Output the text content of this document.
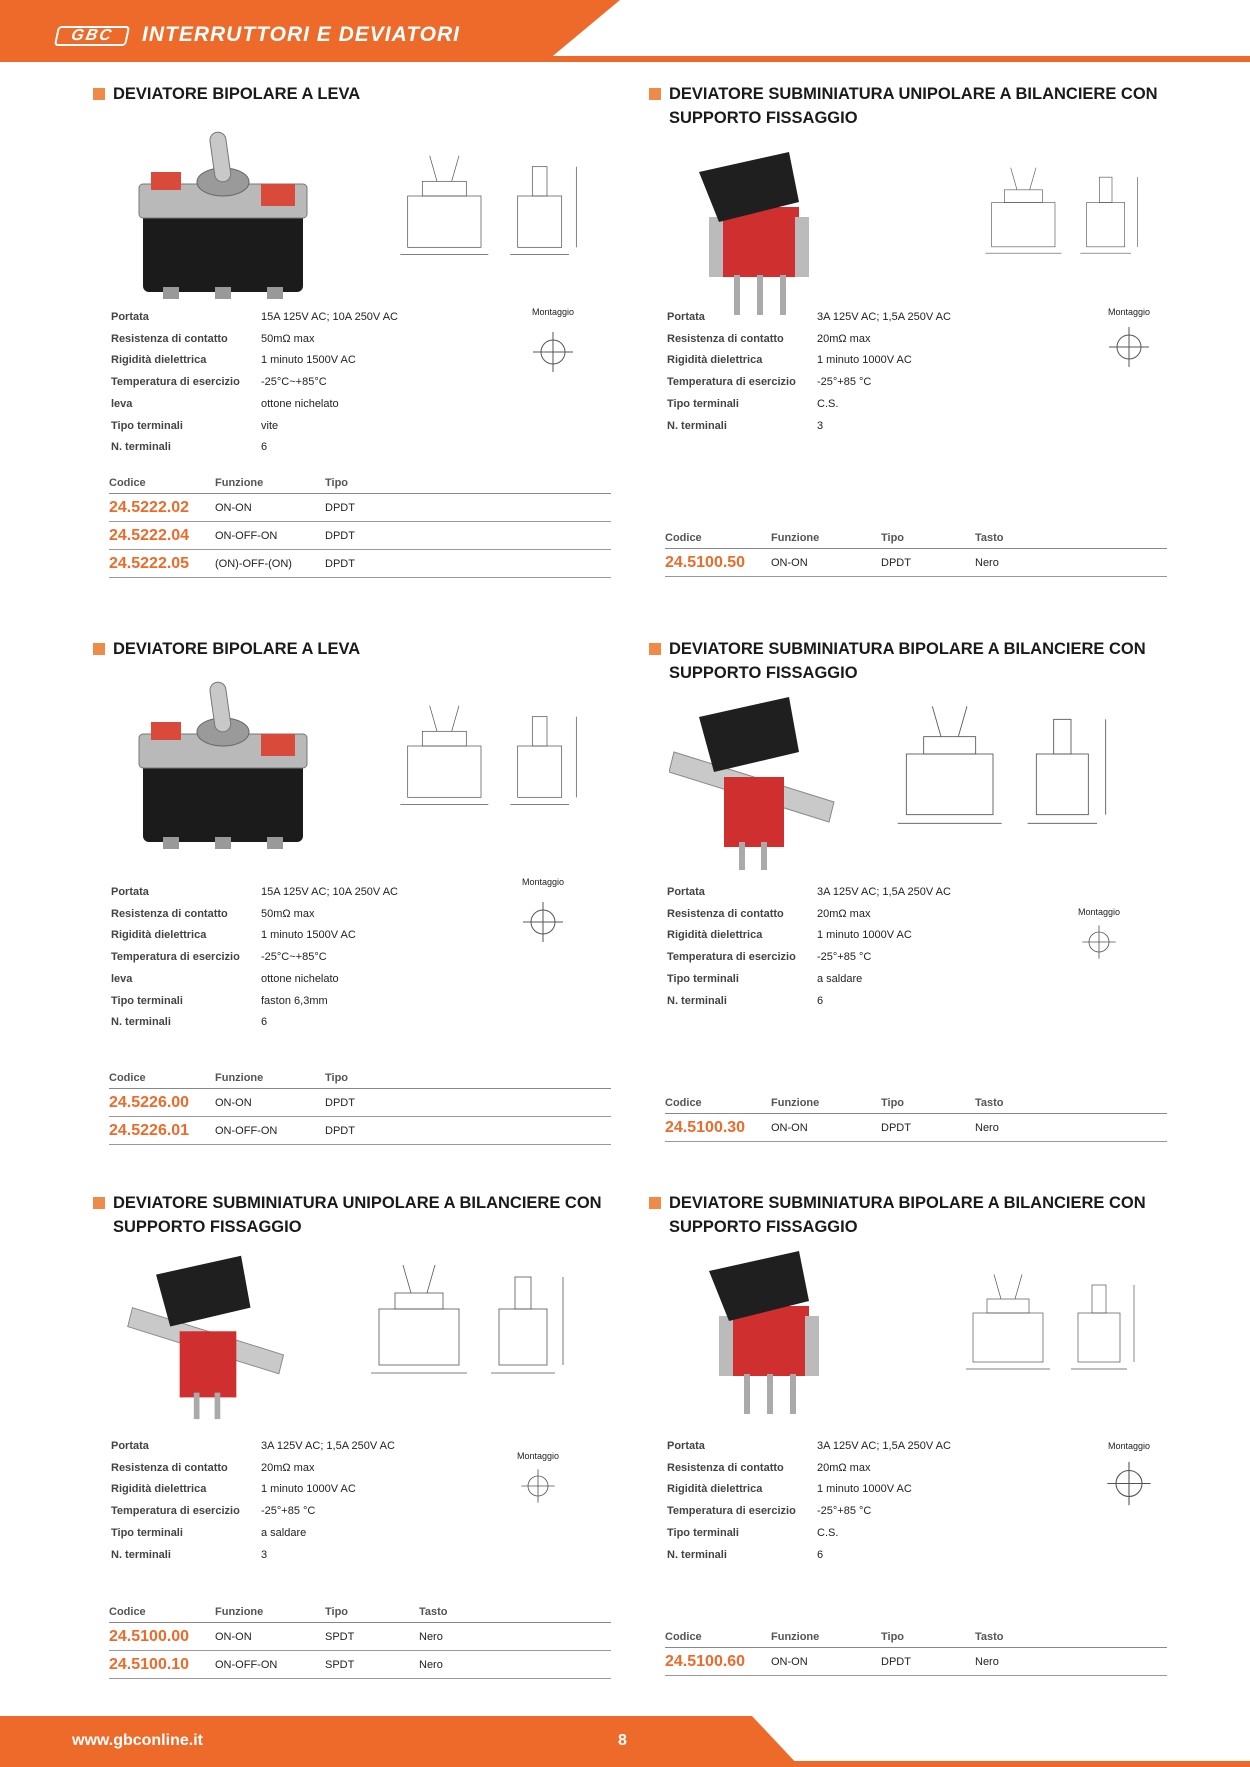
GBC	INTERRUTTORI E DEVIATORI
DEVIATORE BIPOLARE A LEVA
Montaggio
Portata	15A 125V AC; 10A 250V AC
Resistenza di contatto	50mΩ max
Rigidità dielettrica	1 minuto 1500V AC
Temperatura di esercizio	-25°C~+85°C
leva	ottone nichelato
Tipo terminali	vite
N. terminali	6
Codice	Funzione	Tipo
24.5222.02	ON-ON	DPDT
24.5222.04	ON-OFF-ON	DPDT
24.5222.05	(ON)-OFF-(ON)	DPDT
DEVIATORE SUBMINIATURA UNIPOLARE A BILANCIERE CON SUPPORTO FISSAGGIO
Montaggio
Portata	3A 125V AC; 1,5A 250V AC
Resistenza di contatto	20mΩ max
Rigidità dielettrica	1 minuto 1000V AC
Temperatura di esercizio	-25°+85 °C
Tipo terminali	C.S.
N. terminali	3
Codice	Funzione	Tipo	Tasto
24.5100.50	ON-ON	DPDT	Nero
DEVIATORE BIPOLARE A LEVA
Montaggio
Portata	15A 125V AC; 10A 250V AC
Resistenza di contatto	50mΩ max
Rigidità dielettrica	1 minuto 1500V AC
Temperatura di esercizio	-25°C~+85°C
leva	ottone nichelato
Tipo terminali	faston 6,3mm
N. terminali	6
Codice	Funzione	Tipo
24.5226.00	ON-ON	DPDT
24.5226.01	ON-OFF-ON	DPDT
DEVIATORE SUBMINIATURA BIPOLARE A BILANCIERE CON SUPPORTO FISSAGGIO
Montaggio
Portata	3A 125V AC; 1,5A 250V AC
Resistenza di contatto	20mΩ max
Rigidità dielettrica	1 minuto 1000V AC
Temperatura di esercizio	-25°+85 °C
Tipo terminali	a saldare
N. terminali	6
Codice	Funzione	Tipo	Tasto
24.5100.30	ON-ON	DPDT	Nero
DEVIATORE SUBMINIATURA UNIPOLARE A BILANCIERE CON SUPPORTO FISSAGGIO
Montaggio
Portata	3A 125V AC; 1,5A 250V AC
Resistenza di contatto	20mΩ max
Rigidità dielettrica	1 minuto 1000V AC
Temperatura di esercizio	-25°+85 °C
Tipo terminali	a saldare
N. terminali	3
Codice	Funzione	Tipo	Tasto
24.5100.00	ON-ON	SPDT	Nero
24.5100.10	ON-OFF-ON	SPDT	Nero
DEVIATORE SUBMINIATURA BIPOLARE A BILANCIERE CON SUPPORTO FISSAGGIO
Montaggio
Portata	3A 125V AC; 1,5A 250V AC
Resistenza di contatto	20mΩ max
Rigidità dielettrica	1 minuto 1000V AC
Temperatura di esercizio	-25°+85 °C
Tipo terminali	C.S.
N. terminali	6
Codice	Funzione	Tipo	Tasto
24.5100.60	ON-ON	DPDT	Nero
www.gbconline.it	8
